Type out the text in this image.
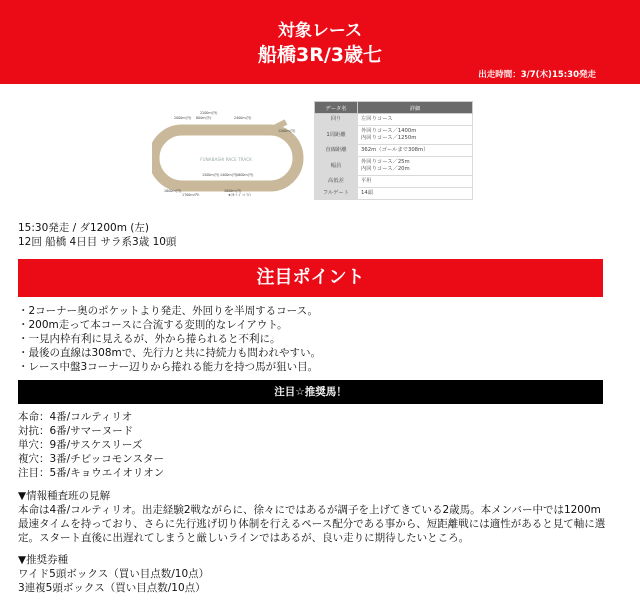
対象レース
船橋3R/3歳七
出走時間：3/7(木)15:30発走
FUNABASHI RACE TRACK
2200m(外)
800m(外)
2000m(外)	2400m(外)
1200m(外)
1500m(外) 1400m(外)
1600m(外)
1700m(内)
1800m(外)	1000m(外)
★ｽﾀｰﾄ ｺﾞｰﾙ ﾗｲﾝ
データ名	詳細
回り	左回りコース
1周距離	外回りコース／1400m
内回りコース／1250m
直線距離	362m（ゴールまで308m）
幅員	外回りコース／25m
内回りコース／20m
高低差	平坦
フルゲート	14頭
15:30発走 / ダ1200m (左)
12回 船橋 4日目 サラ系3歳 10頭
注目ポイント
・2コーナー奥のポケットより発走、外回りを半周するコース。
・200m走って本コースに合流する変則的なレイアウト。
・一見内枠有利に見えるが、外から捲られると不利に。
・最後の直線は308mで、先行力と共に持続力も問われやすい。
・レース中盤3コーナー辺りから捲れる能力を持つ馬が狙い目。
注目☆推奨馬！
本命：4番/コルティリオ
対抗：6番/サマーヌード
単穴：9番/サスケスリーズ
複穴：3番/チビッコモンスター
注目：5番/キョウエイオリオン

▼情報種査班の見解

本命は4番/コルティリオ。出走経験2戦ながらに、徐々にではあるが調子を上げてきている2歳馬。本メンバー中では1200m最速タイムを持っており、さらに先行逃げ切り体制を行えるペース配分である事から、短距離戦には適性があると見て軸に選定。スタート直後に出遅れてしまうと厳しいラインではあるが、良い走りに期待したいところ。

▼推奨券種

ワイド5頭ボックス（買い目点数/10点）

3連複5頭ボックス（買い目点数/10点）
